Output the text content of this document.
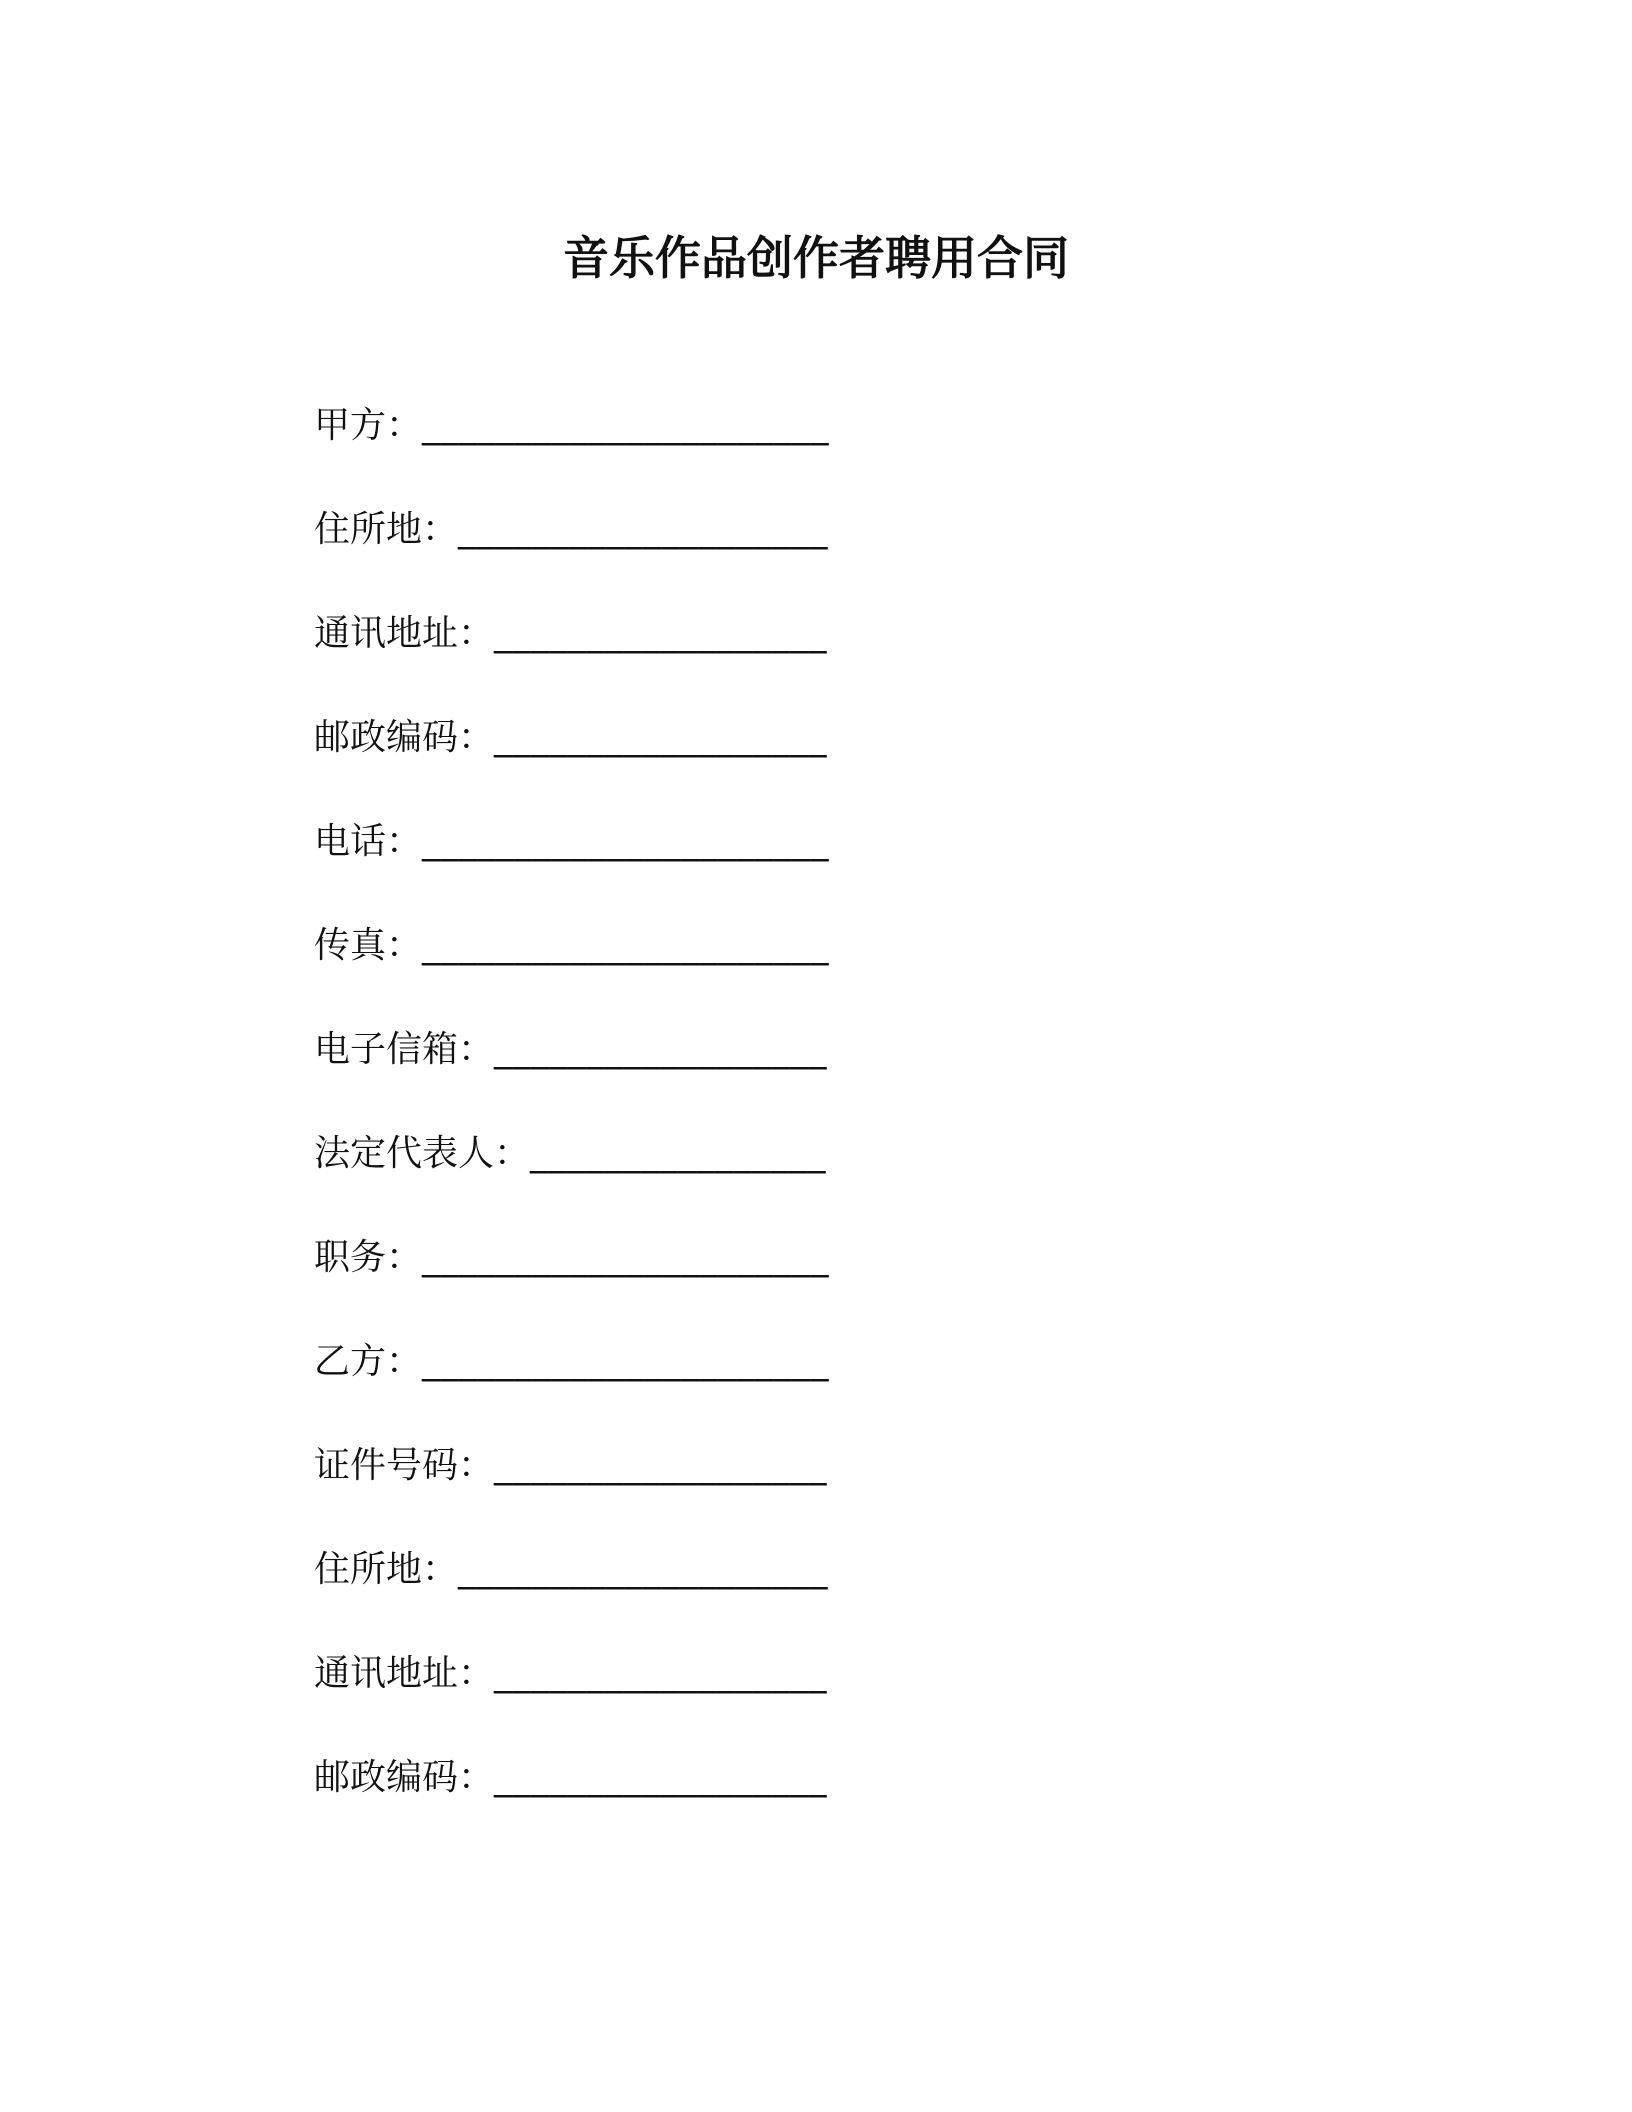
音乐作品创作者聘用合同
甲方：______________________
住所地：____________________
通讯地址：__________________
邮政编码：__________________
电话：______________________
传真：______________________
电子信箱：__________________
法定代表人：________________
职务：______________________
乙方：______________________
证件号码：__________________
住所地：____________________
通讯地址：__________________
邮政编码：__________________
